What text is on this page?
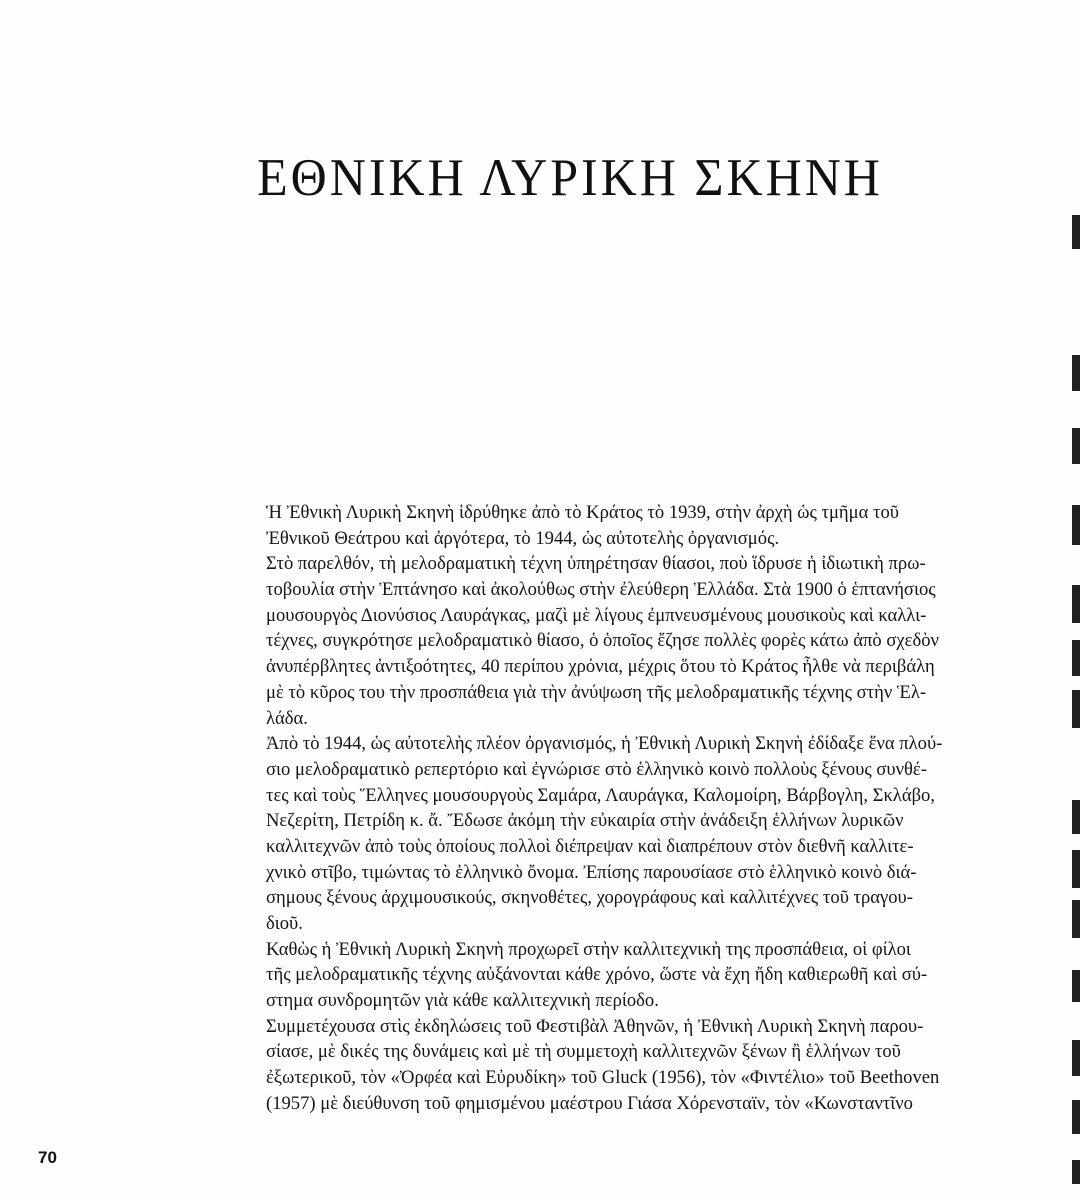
ΕΘΝΙΚΗ ΛΥΡΙΚΗ ΣΚΗΝΗ
Ἡ Ἐθνικὴ Λυρικὴ Σκηνὴ ἱδρύθηκε ἀπὸ τὸ Κράτος τὸ 1939, στὴν ἀρχὴ ὡς τμῆμα τοῦ
Ἐθνικοῦ Θεάτρου καὶ ἀργότερα, τὸ 1944, ὡς αὐτοτελὴς ὀργανισμός.
Στὸ παρελθόν, τὴ μελοδραματικὴ τέχνη ὑπηρέτησαν θίασοι, ποὺ ἵδρυσε ἡ ἰδιωτικὴ πρω-
τοβουλία στὴν Ἑπτάνησο καὶ ἀκολούθως στὴν ἐλεύθερη Ἑλλάδα. Στὰ 1900 ὁ ἑπτανήσιος
μουσουργὸς Διονύσιος Λαυράγκας, μαζὶ μὲ λίγους ἐμπνευσμένους μουσικοὺς καὶ καλλι-
τέχνες, συγκρότησε μελοδραματικὸ θίασο, ὁ ὁποῖος ἔζησε πολλὲς φορὲς κάτω ἀπὸ σχεδὸν
ἀνυπέρβλητες ἀντιξοότητες, 40 περίπου χρόνια, μέχρις ὅτου τὸ Κράτος ἦλθε νὰ περιβάλη
μὲ τὸ κῦρος του τὴν προσπάθεια γιὰ τὴν ἀνύψωση τῆς μελοδραματικῆς τέχνης στὴν Ἑλ-
λάδα.
Ἀπὸ τὸ 1944, ὡς αὐτοτελὴς πλέον ὀργανισμός, ἡ Ἐθνικὴ Λυρικὴ Σκηνὴ ἐδίδαξε ἕνα πλού-
σιο μελοδραματικὸ ρεπερτόριο καὶ ἐγνώρισε στὸ ἑλληνικὸ κοινὸ πολλοὺς ξένους συνθέ-
τες καὶ τοὺς Ἕλληνες μουσουργοὺς Σαμάρα, Λαυράγκα, Καλομοίρη, Βάρβογλη, Σκλάβο,
Νεζερίτη, Πετρίδη κ. ἄ. Ἔδωσε ἀκόμη τὴν εὐκαιρία στὴν ἀνάδειξη ἑλλήνων λυρικῶν
καλλιτεχνῶν ἀπὸ τοὺς ὁποίους πολλοὶ διέπρεψαν καὶ διαπρέπουν στὸν διεθνῆ καλλιτε-
χνικὸ στῖβο, τιμώντας τὸ ἑλληνικὸ ὄνομα. Ἐπίσης παρουσίασε στὸ ἑλληνικὸ κοινὸ διά-
σημους ξένους ἀρχιμουσικούς, σκηνοθέτες, χορογράφους καὶ καλλιτέχνες τοῦ τραγου-
διοῦ.
Καθὼς ἡ Ἐθνικὴ Λυρικὴ Σκηνὴ προχωρεῖ στὴν καλλιτεχνικὴ της προσπάθεια, οἱ φίλοι
τῆς μελοδραματικῆς τέχνης αὐξάνονται κάθε χρόνο, ὥστε νὰ ἔχη ἤδη καθιερωθῆ καὶ σύ-
στημα συνδρομητῶν γιὰ κάθε καλλιτεχνικὴ περίοδο.
Συμμετέχουσα στὶς ἐκδηλώσεις τοῦ Φεστιβὰλ Ἀθηνῶν, ἡ Ἐθνικὴ Λυρικὴ Σκηνὴ παρου-
σίασε, μὲ δικές της δυνάμεις καὶ μὲ τὴ συμμετοχὴ καλλιτεχνῶν ξένων ἢ ἑλλήνων τοῦ
ἐξωτερικοῦ, τὸν «Ὀρφέα καὶ Εὐρυδίκη» τοῦ Gluck (1956), τὸν «Φιντέλιο» τοῦ Beethoven
(1957) μὲ διεύθυνση τοῦ φημισμένου μαέστρου Γιάσα Χόρενσταϊν, τὸν «Κωνσταντῖνο
70
